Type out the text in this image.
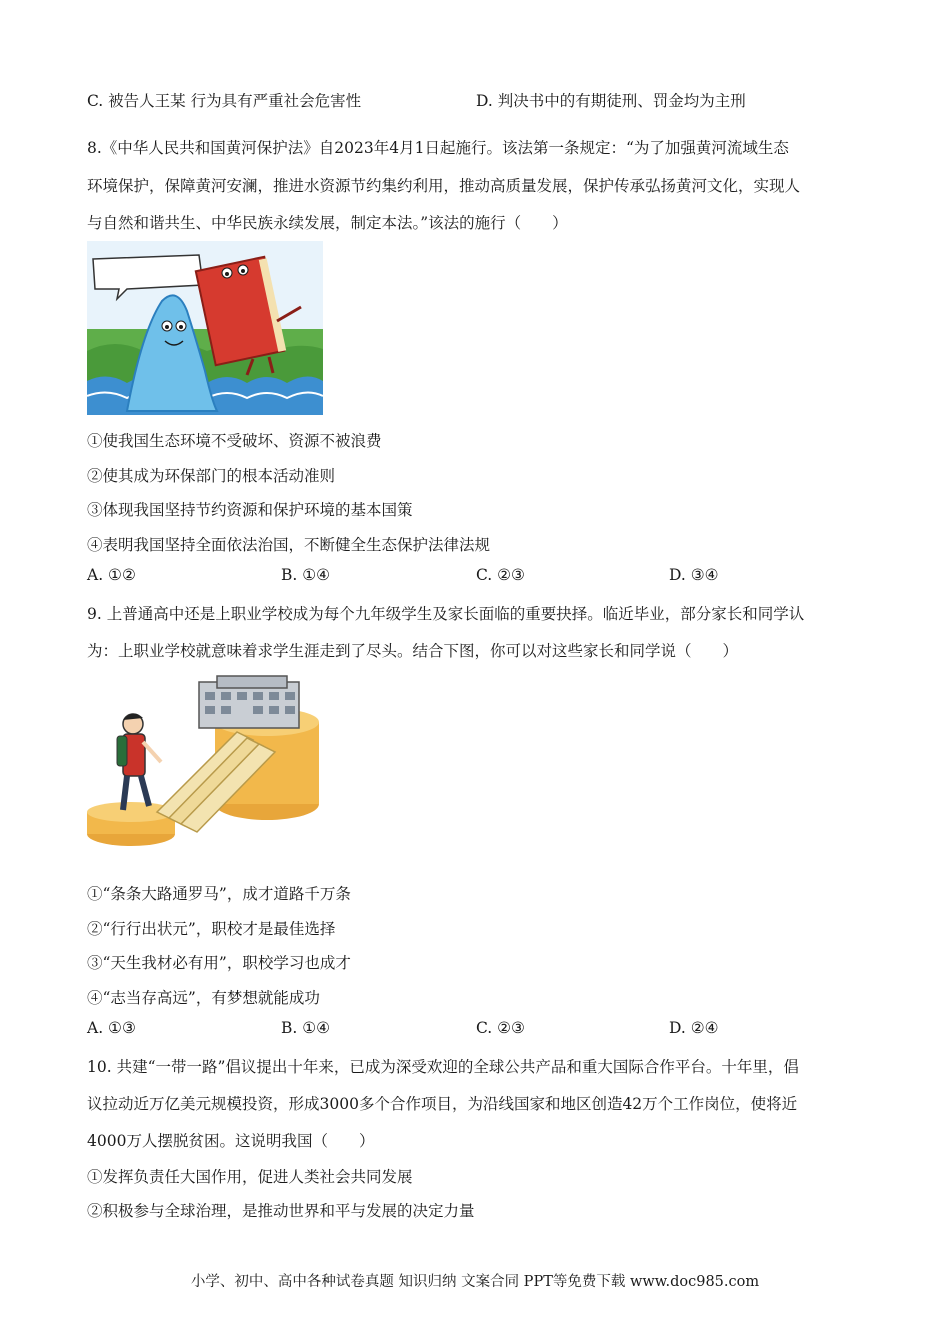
C. 被告人王某 行为具有严重社会危害性	D. 判决书中的有期徒刑、罚金均为主刑
8.《中华人民共和国黄河保护法》自2023年4月1日起施行。该法第一条规定：“为了加强黄河流域生态
环境保护，保障黄河安澜，推进水资源节约集约利用，推动高质量发展，保护传承弘扬黄河文化，实现人
与自然和谐共生、中华民族永续发展，制定本法。”该法的施行（　　）
①使我国生态环境不受破坏、资源不被浪费
②使其成为环保部门的根本活动准则
③体现我国坚持节约资源和保护环境的基本国策
④表明我国坚持全面依法治国，不断健全生态保护法律法规
A. ①②	B. ①④	C. ②③	D. ③④
9. 上普通高中还是上职业学校成为每个九年级学生及家长面临的重要抉择。临近毕业，部分家长和同学认
为：上职业学校就意味着求学生涯走到了尽头。结合下图，你可以对这些家长和同学说（　　）
①“条条大路通罗马”，成才道路千万条
②“行行出状元”，职校才是最佳选择
③“天生我材必有用”，职校学习也成才
④“志当存高远”，有梦想就能成功
A. ①③	B. ①④	C. ②③	D. ②④
10. 共建“一带一路”倡议提出十年来，已成为深受欢迎的全球公共产品和重大国际合作平台。十年里，倡
议拉动近万亿美元规模投资，形成3000多个合作项目，为沿线国家和地区创造42万个工作岗位，使将近
4000万人摆脱贫困。这说明我国（　　）
①发挥负责任大国作用，促进人类社会共同发展
②积极参与全球治理，是推动世界和平与发展的决定力量
小学、初中、高中各种试卷真题 知识归纳 文案合同 PPT等免费下载 www.doc985.com
